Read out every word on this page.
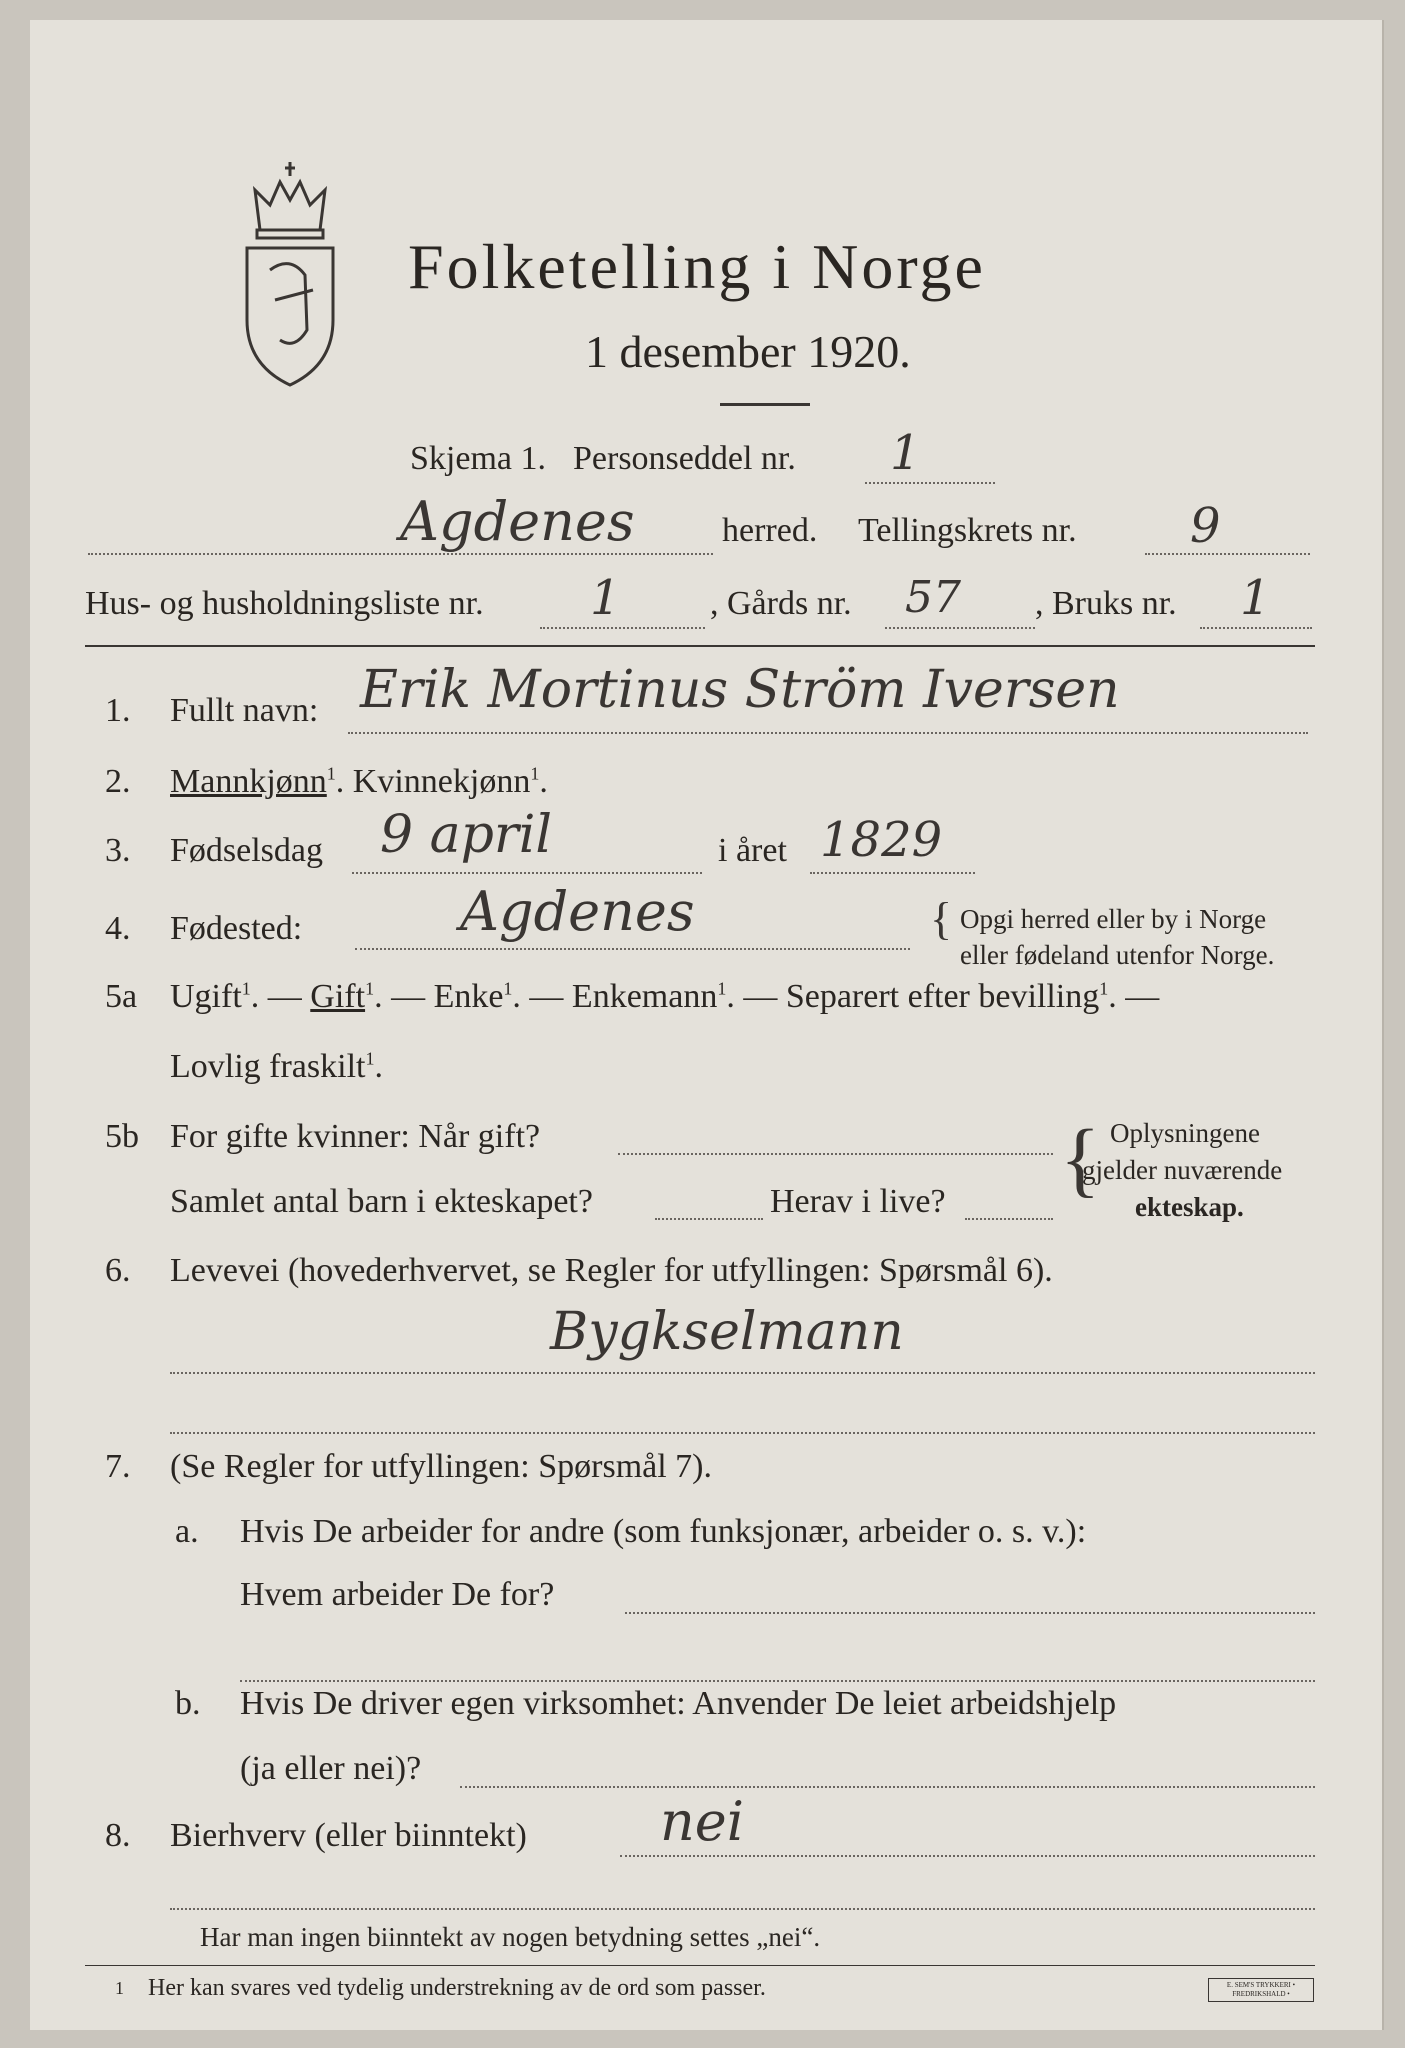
Folketelling i Norge
1 desember 1920.
Skjema 1. Personseddel nr. 1
Agdenes	herred. Tellingskrets nr. 9
Hus- og husholdningsliste nr. 1	, Gårds nr. 57 , Bruks nr. 1
1. Fullt navn: Erik Mortinus Ström Iversen
2. Mannkjønn$^1$. Kvinnekjønn$^1$.
3. Fødselsdag 9 april	i året 1829
4. Fødested:	Agdenes	{ Opgi herred eller by i Norge
eller fødeland utenfor Norge.
5a Ugift$^1$. — Gift$^1$. — Enke$^1$. — Enkemann$^1$. — Separert efter bevilling$^1$. —
Lovlig fraskilt$^1$.
5b For gifte kvinner: Når gift?
Samlet antal barn i ekteskapet?	Herav i live? { Oplysningene
gjelder nuværende
ekteskap.
6. Levevei (hovederhvervet, se Regler for utfyllingen: Spørsmål 6).
Bygkselmann
7. (Se Regler for utfyllingen: Spørsmål 7).
a. Hvis De arbeider for andre (som funksjonær, arbeider o. s. v.):
Hvem arbeider De for?
b. Hvis De driver egen virksomhet: Anvender De leiet arbeidshjelp
(ja eller nei)?
8. Bierhverv (eller biinntekt) nei
Har man ingen biinntekt av nogen betydning settes „nei“.
1 Her kan svares ved tydelig understrekning av de ord som passer.	E. SEM'S TRYKKERI • FREDRIKSHALD •
